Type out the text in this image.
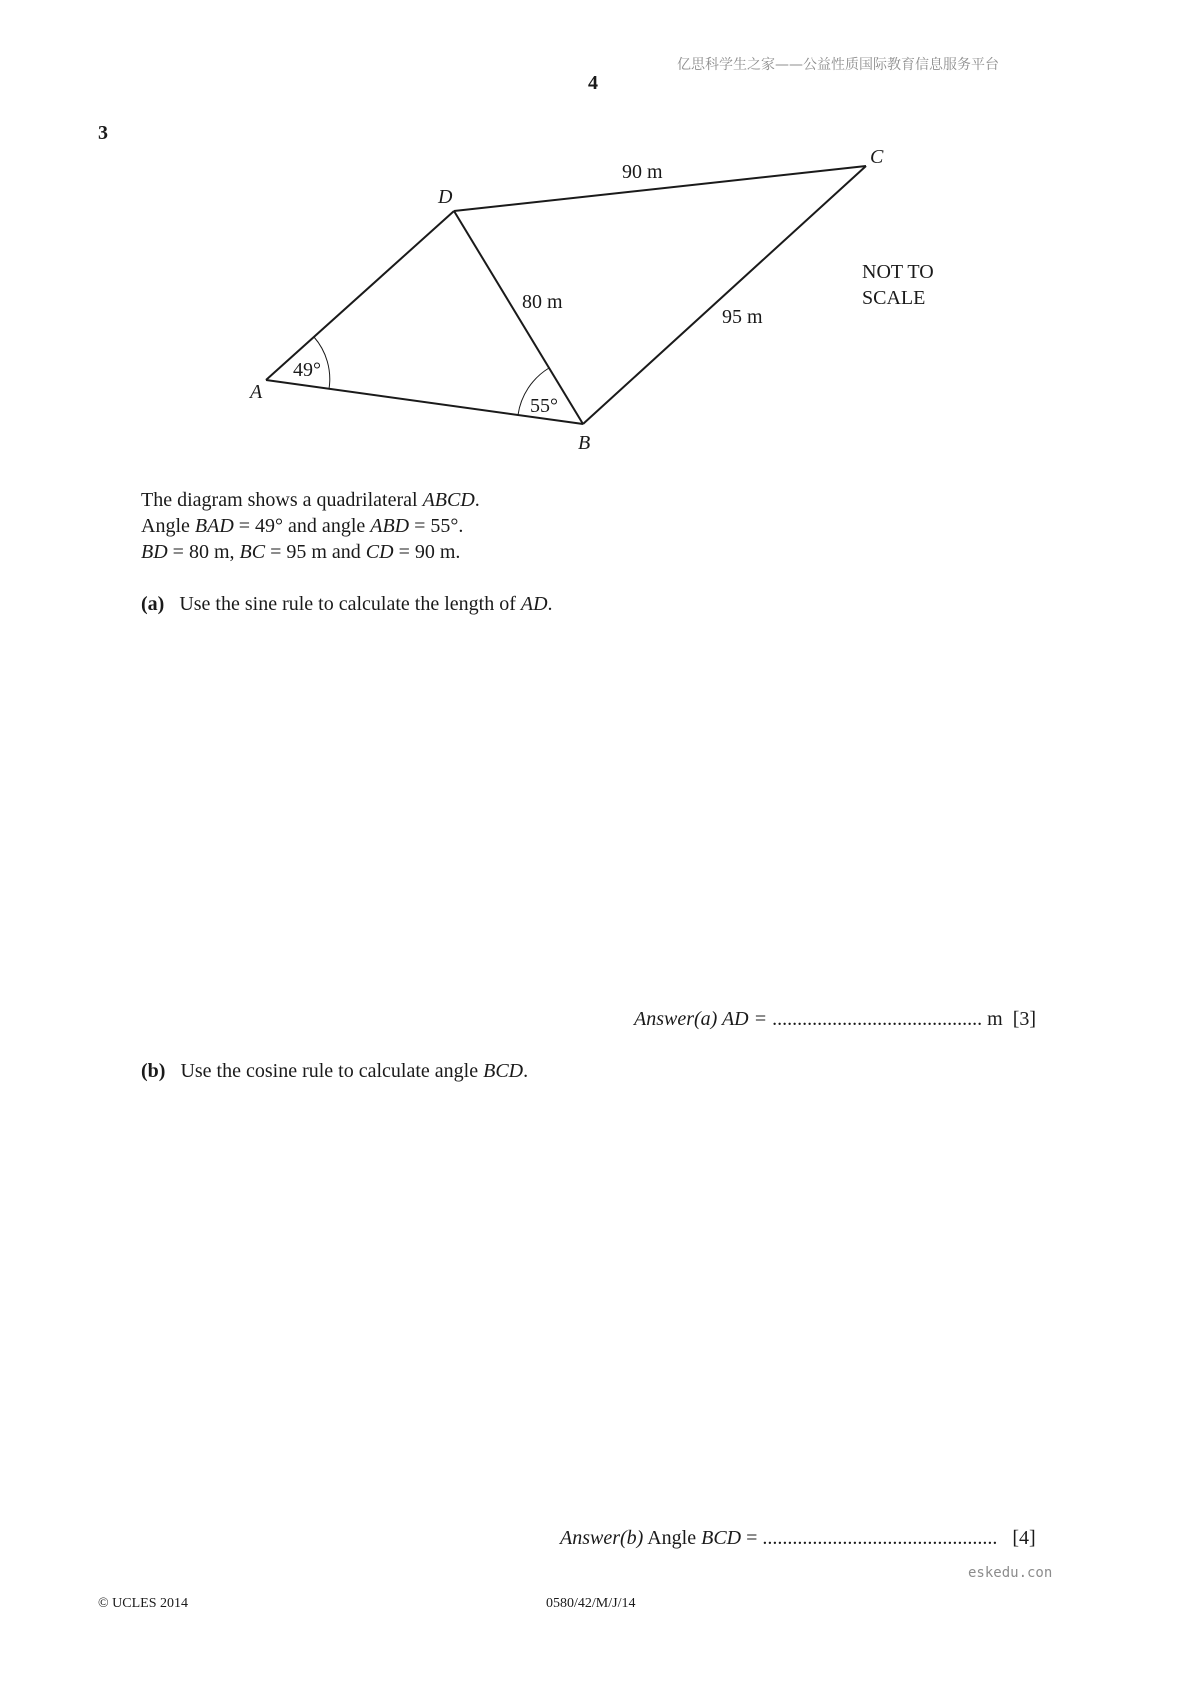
亿思科学生之家——公益性质国际教育信息服务平台
4
3
A
B
C
D
90 m
80 m
95 m
49°
55°
NOT TO
SCALE
The diagram shows a quadrilateral ABCD.
Angle BAD = 49° and angle ABD = 55°.
BD = 80 m, BC = 95 m and CD = 90 m.
(a) Use the sine rule to calculate the length of AD.
Answer(a) AD = .......................................... m [3]
(b) Use the cosine rule to calculate angle BCD.
Answer(b) Angle BCD = ............................................... [4]
eskedu.con
© UCLES 2014	0580/42/M/J/14
